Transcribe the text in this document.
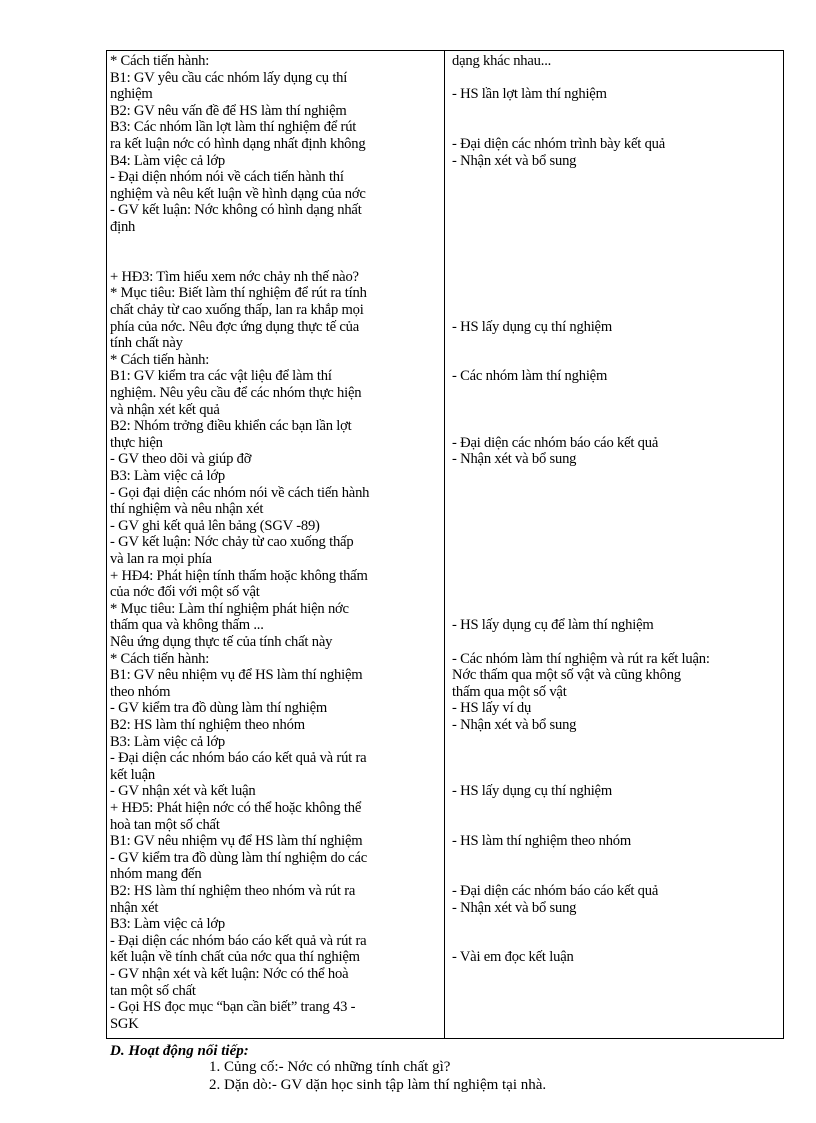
* Cách tiến hành:
B1: GV yêu cầu các nhóm lấy dụng cụ thí
nghiệm
B2: GV nêu vấn đề để HS làm thí nghiệm
B3: Các nhóm lần lợt làm thí nghiệm để rút
ra kết luận nớc có hình dạng nhất định không
B4: Làm việc cả lớp
- Đại diện nhóm nói về cách tiến hành thí
nghiệm và nêu kết luận về hình dạng của nớc
- GV kết luận: Nớc không có hình dạng nhất
định
+ HĐ3: Tìm hiểu xem nớc chảy nh thế nào?
* Mục tiêu: Biết làm thí nghiệm để rút ra tính
chất chảy từ cao xuống thấp, lan ra khắp mọi
phía của nớc. Nêu đợc ứng dụng thực tế của
tính chất này
* Cách tiến hành:
B1: GV kiểm tra các vật liệu để làm thí
nghiệm. Nêu yêu cầu để các nhóm thực hiện
và nhận xét kết quả
B2: Nhóm trởng điều khiển các bạn lần lợt
thực hiện
- GV theo dõi và giúp đỡ
B3: Làm việc cả lớp
- Gọi đại diện các nhóm nói về cách tiến hành
thí nghiệm và nêu nhận xét
- GV ghi kết quả lên bảng (SGV -89)
- GV kết luận: Nớc chảy từ cao xuống thấp
và lan ra mọi phía
+ HĐ4: Phát hiện tính thấm hoặc không thấm
của nớc đối với một số vật
* Mục tiêu: Làm thí nghiệm phát hiện nớc
thấm qua và không thấm ...
Nêu ứng dụng thực tế của tính chất này
* Cách tiến hành:
B1: GV nêu nhiệm vụ để HS làm thí nghiệm
theo nhóm
- GV kiểm tra đồ dùng làm thí nghiệm
B2: HS làm thí nghiệm theo nhóm
B3: Làm việc cả lớp
- Đại diện các nhóm báo cáo kết quả và rút ra
kết luận
- GV nhận xét và kết luận
+ HĐ5: Phát hiện nớc có thể hoặc không thể
hoà tan một số chất
B1: GV nêu nhiệm vụ để HS làm thí nghiệm
- GV kiểm tra đồ dùng làm thí nghiệm do các
nhóm mang đến
B2: HS làm thí nghiệm theo nhóm và rút ra
nhận xét
B3: Làm việc cả lớp
- Đại diện các nhóm báo cáo kết quả và rút ra
kết luận về tính chất của nớc qua thí nghiệm
- GV nhận xét và kết luận: Nớc có thể hoà
tan một số chất
- Gọi HS đọc mục “bạn cần biết” trang 43 -
SGK
dạng khác nhau...
- HS lần lợt làm thí nghiệm
- Đại diện các nhóm trình bày kết quả
- Nhận xét và bổ sung
- HS lấy dụng cụ thí nghiệm
- Các nhóm làm thí nghiệm
- Đại diện các nhóm báo cáo kết quả
- Nhận xét và bổ sung
- HS lấy dụng cụ để làm thí nghiệm
- Các nhóm làm thí nghiệm và rút ra kết luận:
Nớc thấm qua một số vật và cũng không
thấm qua một số vật
- HS lấy ví dụ
- Nhận xét và bổ sung
- HS lấy dụng cụ thí nghiệm
- HS làm thí nghiệm theo nhóm
- Đại diện các nhóm báo cáo kết quả
- Nhận xét và bổ sung
- Vài em đọc kết luận
D. Hoạt động nối tiếp:
1. Củng cố:- Nớc có những tính chất gì?
2. Dặn dò:- GV dặn học sinh tập làm thí nghiệm tại nhà.
